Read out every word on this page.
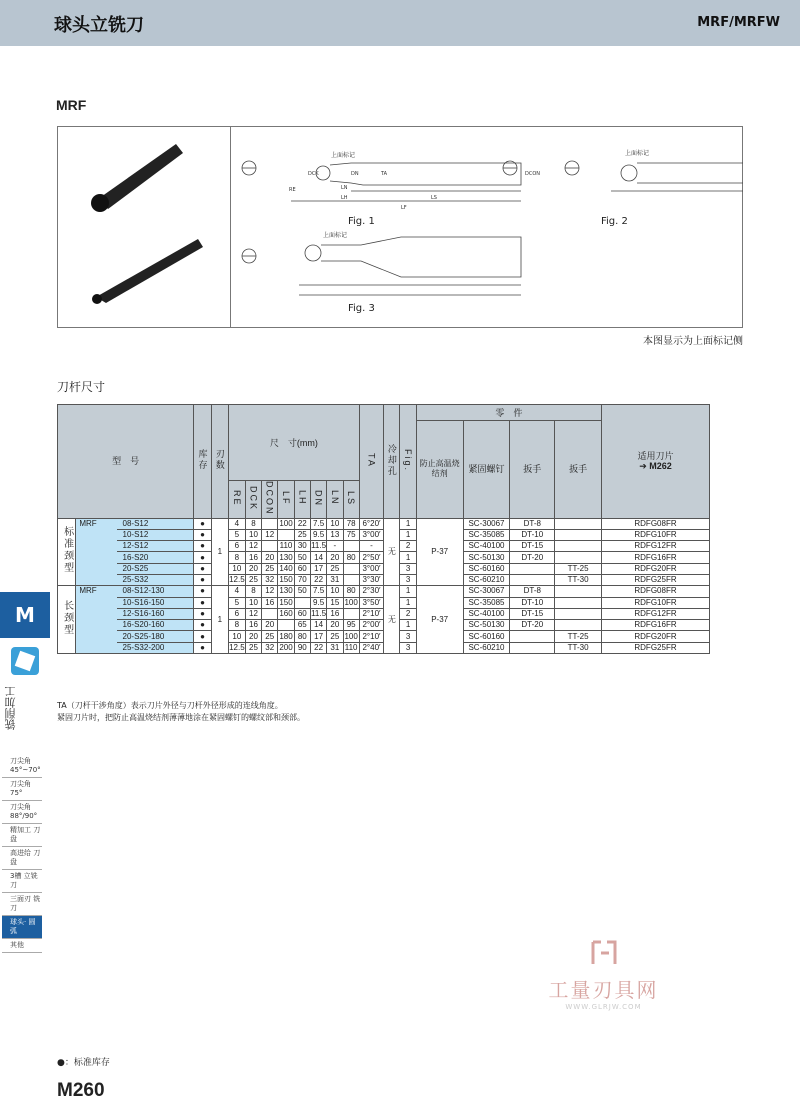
球头立铣刀	MRF/MRFW
MRF
上面标记	上面标记
上面标记
RE
LH	LS
LF
LN
TA
DCK	DN	DCON
Fig. 1	Fig. 2
Fig. 3
本图显示为上面标记侧
刀杆尺寸
型　号			库存	刃数	尺　寸(mm)								TA	冷却孔	Fig.	零　件				适用刀片
➔ M262
																防止高温烧结剂	紧固螺钉	扳手	扳手	
					RE	DCK	DCON	LF	LH	DN	LN	LS								
标准颈型	MRF	08-S12	●	1	4	8		100	22	7.5	10	78	6°20′	无	1	P-37	SC-30067	DT-8		RDFG08FR
		10-S12	●		5	10	12		25	9.5	13	75	3°00′		1		SC-35085	DT-10		RDFG10FR
		12-S12	●		6	12		110	30	11.5	-		-		2		SC-40100	DT-15		RDFG12FR
		16-S20	●		8	16	20	130	50	14	20	80	2°50′		1		SC-50130	DT-20		RDFG16FR
		20-S25	●		10	20	25	140	60	17	25		3°00′		3		SC-60160		TT-25	RDFG20FR
		25-S32	●		12.5	25	32	150	70	22	31		3°30′		3		SC-60210		TT-30	RDFG25FR
长颈型	MRF	08-S12-130	●	1	4	8	12	130	50	7.5	10	80	2°30′	无	1	P-37	SC-30067	DT-8		RDFG08FR
		10-S16-150	●		5	10	16	150		9.5	15	100	3°50′		1		SC-35085	DT-10		RDFG10FR
		12-S16-160	●		6	12		160	60	11.5	16		2°10′		2		SC-40100	DT-15		RDFG12FR
		16-S20-160	●		8	16	20		65	14	20	95	2°00′		1		SC-50130	DT-20		RDFG16FR
		20-S25-180	●		10	20	25	180	80	17	25	100	2°10′		3		SC-60160		TT-25	RDFG20FR
		25-S32-200	●		12.5	25	32	200	90	22	31	110	2°40′		3		SC-60210		TT-30	RDFG25FR
TA（刀杆干涉角度）表示刀片外径与刀杆外径形成的连线角度。
紧固刀片时，把防止高温烧结剂薄薄地涂在紧固螺钉的螺纹部和颈部。
M
铣削加工
刀尖角 45°~70°
刀尖角 75°
刀尖角 88°/90°
精加工 刀盘
高进给 刀盘
3槽 立铣刀
三面刃 铣刀
球头· 圆弧
其他
工量刃具网
WWW.GLRJW.COM
●：标准库存
M260
